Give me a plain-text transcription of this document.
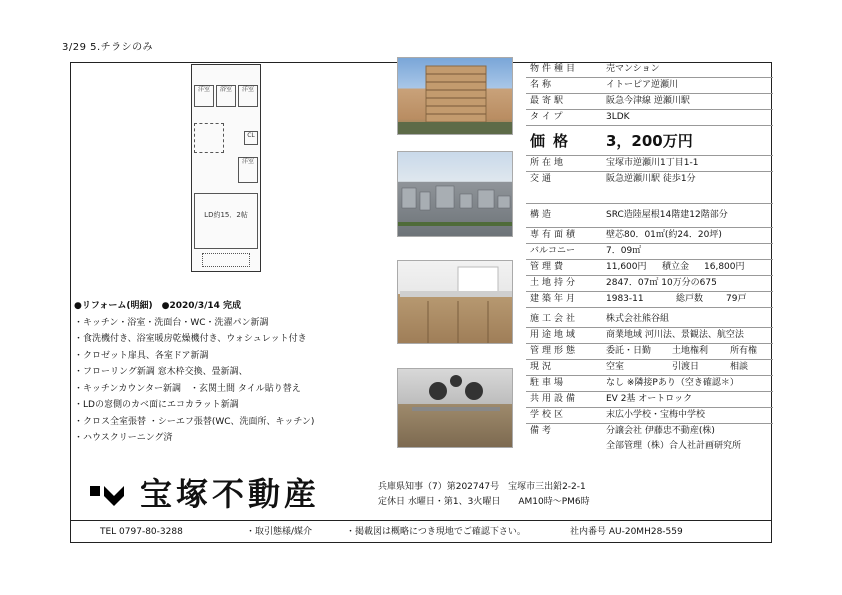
3/29 5.チラシのみ
洋室	浴室	洋室
CL
洋室
LD約15．2帖
物件種目	売マンション
名称	イトーピア逆瀬川
最寄駅	阪急今津線 逆瀬川駅
タイプ	3LDK
価格	3，200万円
所在地	宝塚市逆瀬川1丁目1-1
交通	阪急逆瀬川駅 徒歩1分
構造	SRC造陸屋根14階建12階部分
専有面積	壁芯80．01㎡(約24．20坪)
バルコニー	7．09㎡
管理費	11,600円 積立金 16,800円
土地持分	2847．07㎡ 10万分の675
建築年月	1983-11	総戸数	79戸
施工会社	株式会社熊谷組
用途地域	商業地域 河川法、景観法、航空法
管理形態	委託・日勤 土地権利 所有権
現況	空室	引渡日	相談
駐車場	なし ※隣接Pあり（空き確認＊）
共用設備	EV 2基 オートロック
学校区	末広小学校・宝梅中学校
備考	分譲会社 伊藤忠不動産(株)
全部管理（株）合人社計画研究所
●リフォーム(明細)　●2020/3/14 完成
・キッチン・浴室・洗面台・WC・洗濯パン新調
・食洗機付き、浴室暖房乾燥機付き、ウォシュレット付き
・クロゼット扉具、各室ドア新調
・フローリング新調 窓木枠交換、畳新調、
・キッチンカウンター新調　・玄関土間 タイル貼り替え
・LDの窓側のカベ面にエコカラット新調
・クロス全室張替 ・シーエフ張替(WC、洗面所、キッチン)
・ハウスクリーニング済
宝塚不動産	兵庫県知事（7）第202747号　宝塚市三出鉛2-2-1
定休日 水曜日・第1、3火曜日　　AM10時〜PM6時
TEL 0797-80-3288	・取引態様/媒介	・掲載図は概略につき現地でご確認下さい。	社内番号 AU-20MH28-559
